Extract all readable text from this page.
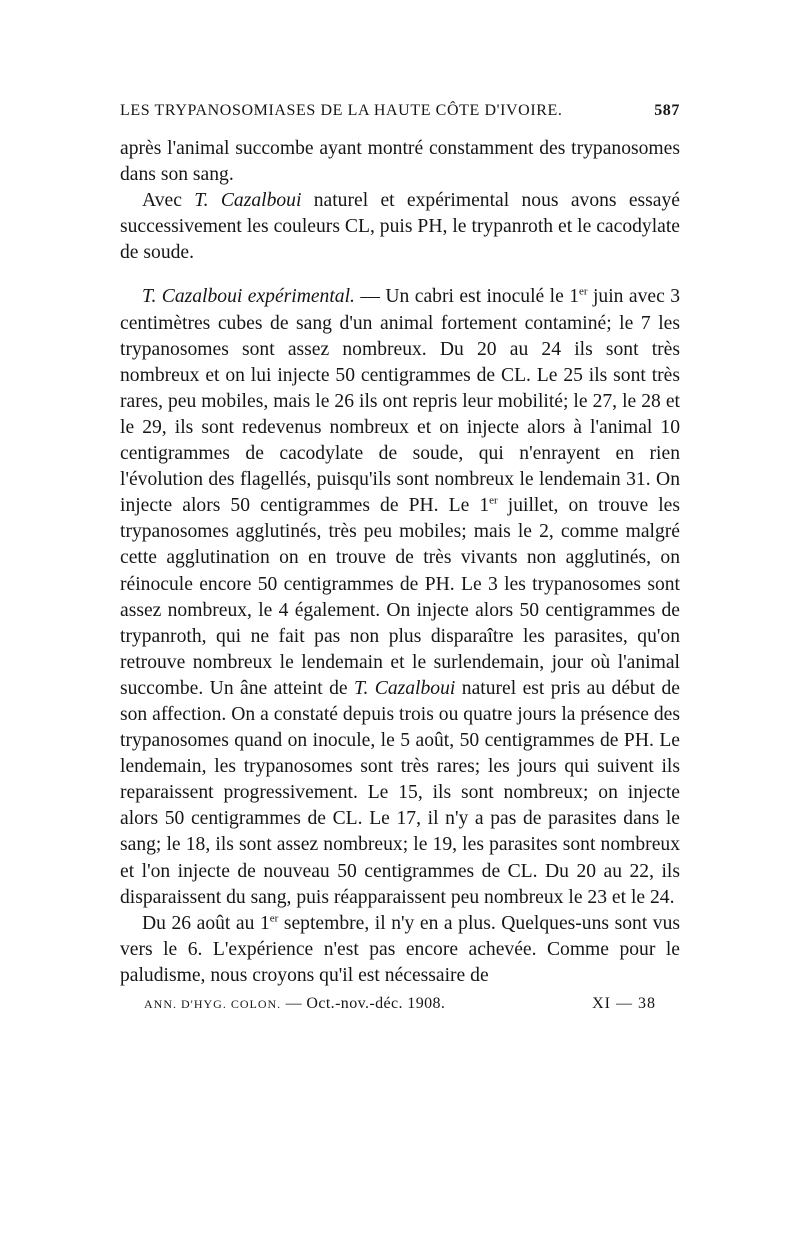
LES TRYPANOSOMIASES DE LA HAUTE CÔTE D'IVOIRE.	587

après l'animal succombe ayant montré constamment des trypanosomes dans son sang.

Avec T. Cazalboui naturel et expérimental nous avons essayé successivement les couleurs CL, puis PH, le trypanroth et le cacodylate de soude.

T. Cazalboui expérimental. — Un cabri est inoculé le 1er juin avec 3 centimètres cubes de sang d'un animal fortement contaminé; le 7 les trypanosomes sont assez nombreux. Du 20 au 24 ils sont très nombreux et on lui injecte 50 centigrammes de CL. Le 25 ils sont très rares, peu mobiles, mais le 26 ils ont repris leur mobilité; le 27, le 28 et le 29, ils sont redevenus nombreux et on injecte alors à l'animal 10 centigrammes de cacodylate de soude, qui n'enrayent en rien l'évolution des flagellés, puisqu'ils sont nombreux le lendemain 31. On injecte alors 50 centigrammes de PH. Le 1er juillet, on trouve les trypanosomes agglutinés, très peu mobiles; mais le 2, comme malgré cette agglutination on en trouve de très vivants non agglutinés, on réinocule encore 50 centigrammes de PH. Le 3 les trypanosomes sont assez nombreux, le 4 également. On injecte alors 50 centigrammes de trypanroth, qui ne fait pas non plus disparaître les parasites, qu'on retrouve nombreux le lendemain et le surlendemain, jour où l'animal succombe. Un âne atteint de T. Cazalboui naturel est pris au début de son affection. On a constaté depuis trois ou quatre jours la présence des trypanosomes quand on inocule, le 5 août, 50 centigrammes de PH. Le lendemain, les trypanosomes sont très rares; les jours qui suivent ils reparaissent progressivement. Le 15, ils sont nombreux; on injecte alors 50 centigrammes de CL. Le 17, il n'y a pas de parasites dans le sang; le 18, ils sont assez nombreux; le 19, les parasites sont nombreux et l'on injecte de nouveau 50 centigrammes de CL. Du 20 au 22, ils disparaissent du sang, puis réapparaissent peu nombreux le 23 et le 24.

Du 26 août au 1er septembre, il n'y en a plus. Quelques-uns sont vus vers le 6. L'expérience n'est pas encore achevée. Comme pour le paludisme, nous croyons qu'il est nécessaire de

ANN. D'HYG. COLON. — Oct.-nov.-déc. 1908.	XI — 38
